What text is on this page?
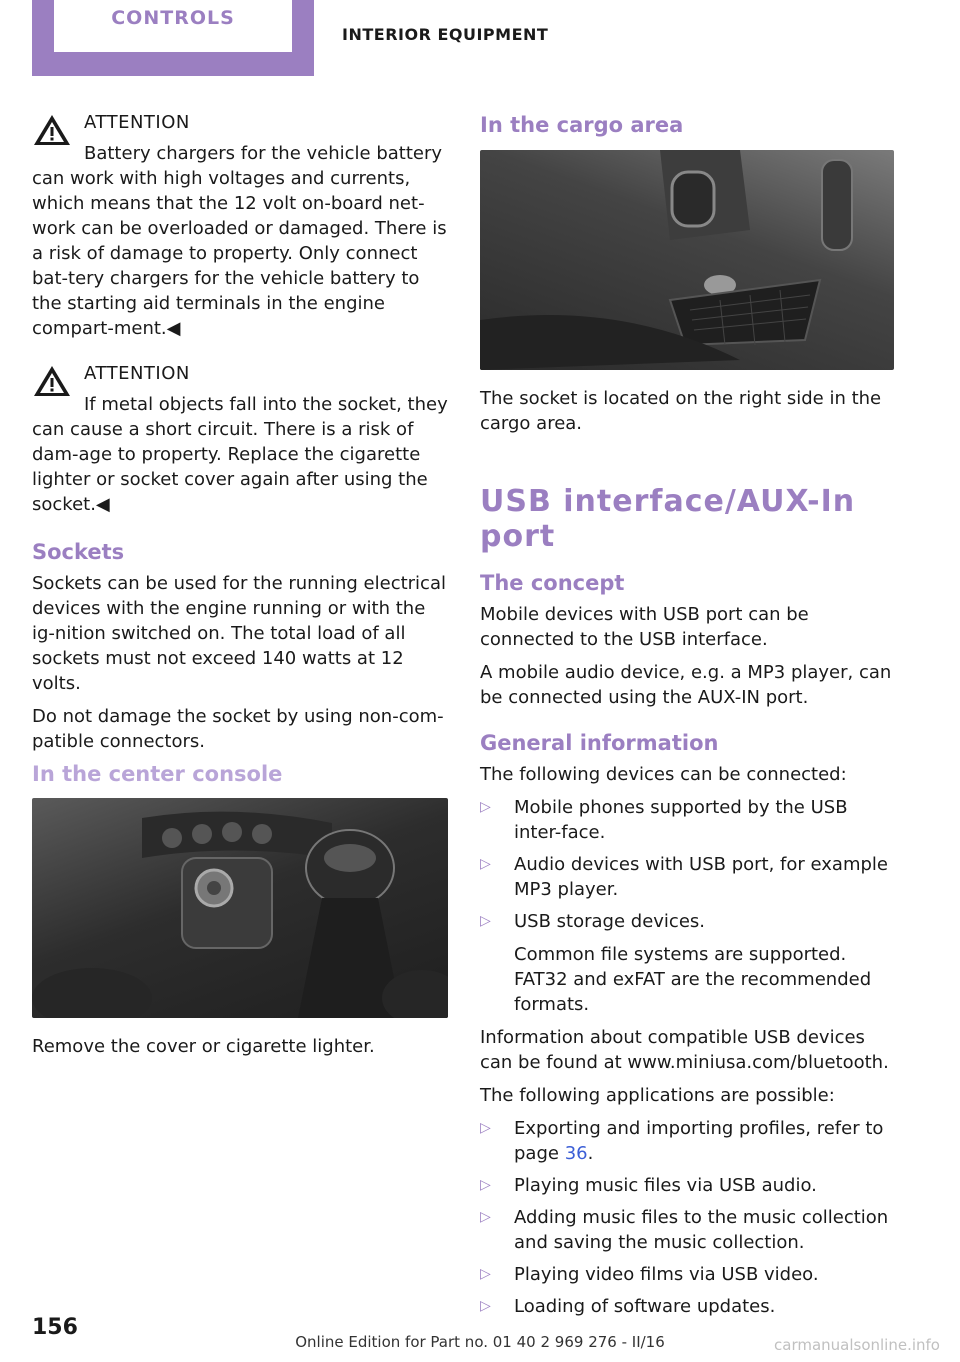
CONTROLS
INTERIOR EQUIPMENT
ATTENTION
Battery chargers for the vehicle battery
can work with high voltages and currents, which means that the 12 volt on-board net-work can be overloaded or damaged. There is a risk of damage to property. Only connect bat-tery chargers for the vehicle battery to the starting aid terminals in the engine compart-ment.◀
ATTENTION
If metal objects fall into the socket, they
can cause a short circuit. There is a risk of dam-age to property. Replace the cigarette lighter or socket cover again after using the socket.◀
Sockets

Sockets can be used for the running electrical devices with the engine running or with the ig-nition switched on. The total load of all sockets must not exceed 140 watts at 12 volts.

Do not damage the socket by using non-com-patible connectors.

In the center console

Remove the cover or cigarette lighter.

In the cargo area

The socket is located on the right side in the cargo area.

USB interface/AUX-In port
The concept

Mobile devices with USB port can be connected to the USB interface.

A mobile audio device, e.g. a MP3 player, can be connected using the AUX-IN port.

General information

The following devices can be connected:

▷ Mobile phones supported by the USB inter-face.
▷ Audio devices with USB port, for example MP3 player.
▷ USB storage devices.

Common file systems are supported. FAT32 and exFAT are the recommended formats.

Information about compatible USB devices can be found at www.miniusa.com/bluetooth.

The following applications are possible:

▷ Exporting and importing profiles, refer to page 36.
▷ Playing music files via USB audio.
▷ Adding music files to the music collection and saving the music collection.
▷ Playing video films via USB video.
▷ Loading of software updates.
156
Online Edition for Part no. 01 40 2 969 276 - II/16	carmanualsonline.info
